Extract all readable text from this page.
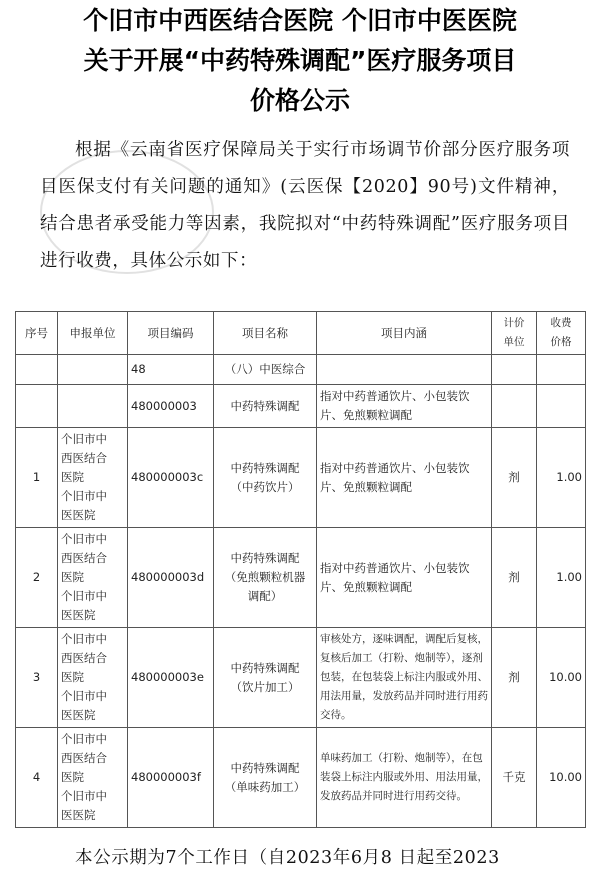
个旧市中西医结合医院 个旧市中医医院
关于开展“中药特殊调配”医疗服务项目
价格公示
根据《云南省医疗保障局关于实行市场调节价部分医疗服务项目医保支付有关问题的通知》(云医保【2020】90号)文件精神，结合患者承受能力等因素，我院拟对“中药特殊调配”医疗服务项目进行收费，具体公示如下：
序号	申报单位	项目编码	项目名称	项目内涵	计价
单位	收费
价格
		48	（八）中医综合			
		480000003	中药特殊调配	指对中药普通饮片、小包装饮片、免煎颗粒调配		
1	个旧市中
西医结合
医院
个旧市中
医医院	480000003c	中药特殊调配
（中药饮片）	指对中药普通饮片、小包装饮片、免煎颗粒调配	剂	1.00
2	个旧市中
西医结合
医院
个旧市中
医医院	480000003d	中药特殊调配
（免煎颗粒机器
调配）	指对中药普通饮片、小包装饮片、免煎颗粒调配	剂	1.00
3	个旧市中
西医结合
医院
个旧市中
医医院	480000003e	中药特殊调配
（饮片加工）	审核处方，逐味调配，调配后复核，复核后加工（打粉、炮制等），逐剂包装，在包装袋上标注内服或外用、用法用量，发放药品并同时进行用药交待。	剂	10.00
4	个旧市中
西医结合
医院
个旧市中
医医院	480000003f	中药特殊调配
（单味药加工）	单味药加工（打粉、炮制等），在包装袋上标注内服或外用、用法用量，发放药品并同时进行用药交待。	千克	10.00
本公示期为7个工作日（自2023年6月8 日起至2023
